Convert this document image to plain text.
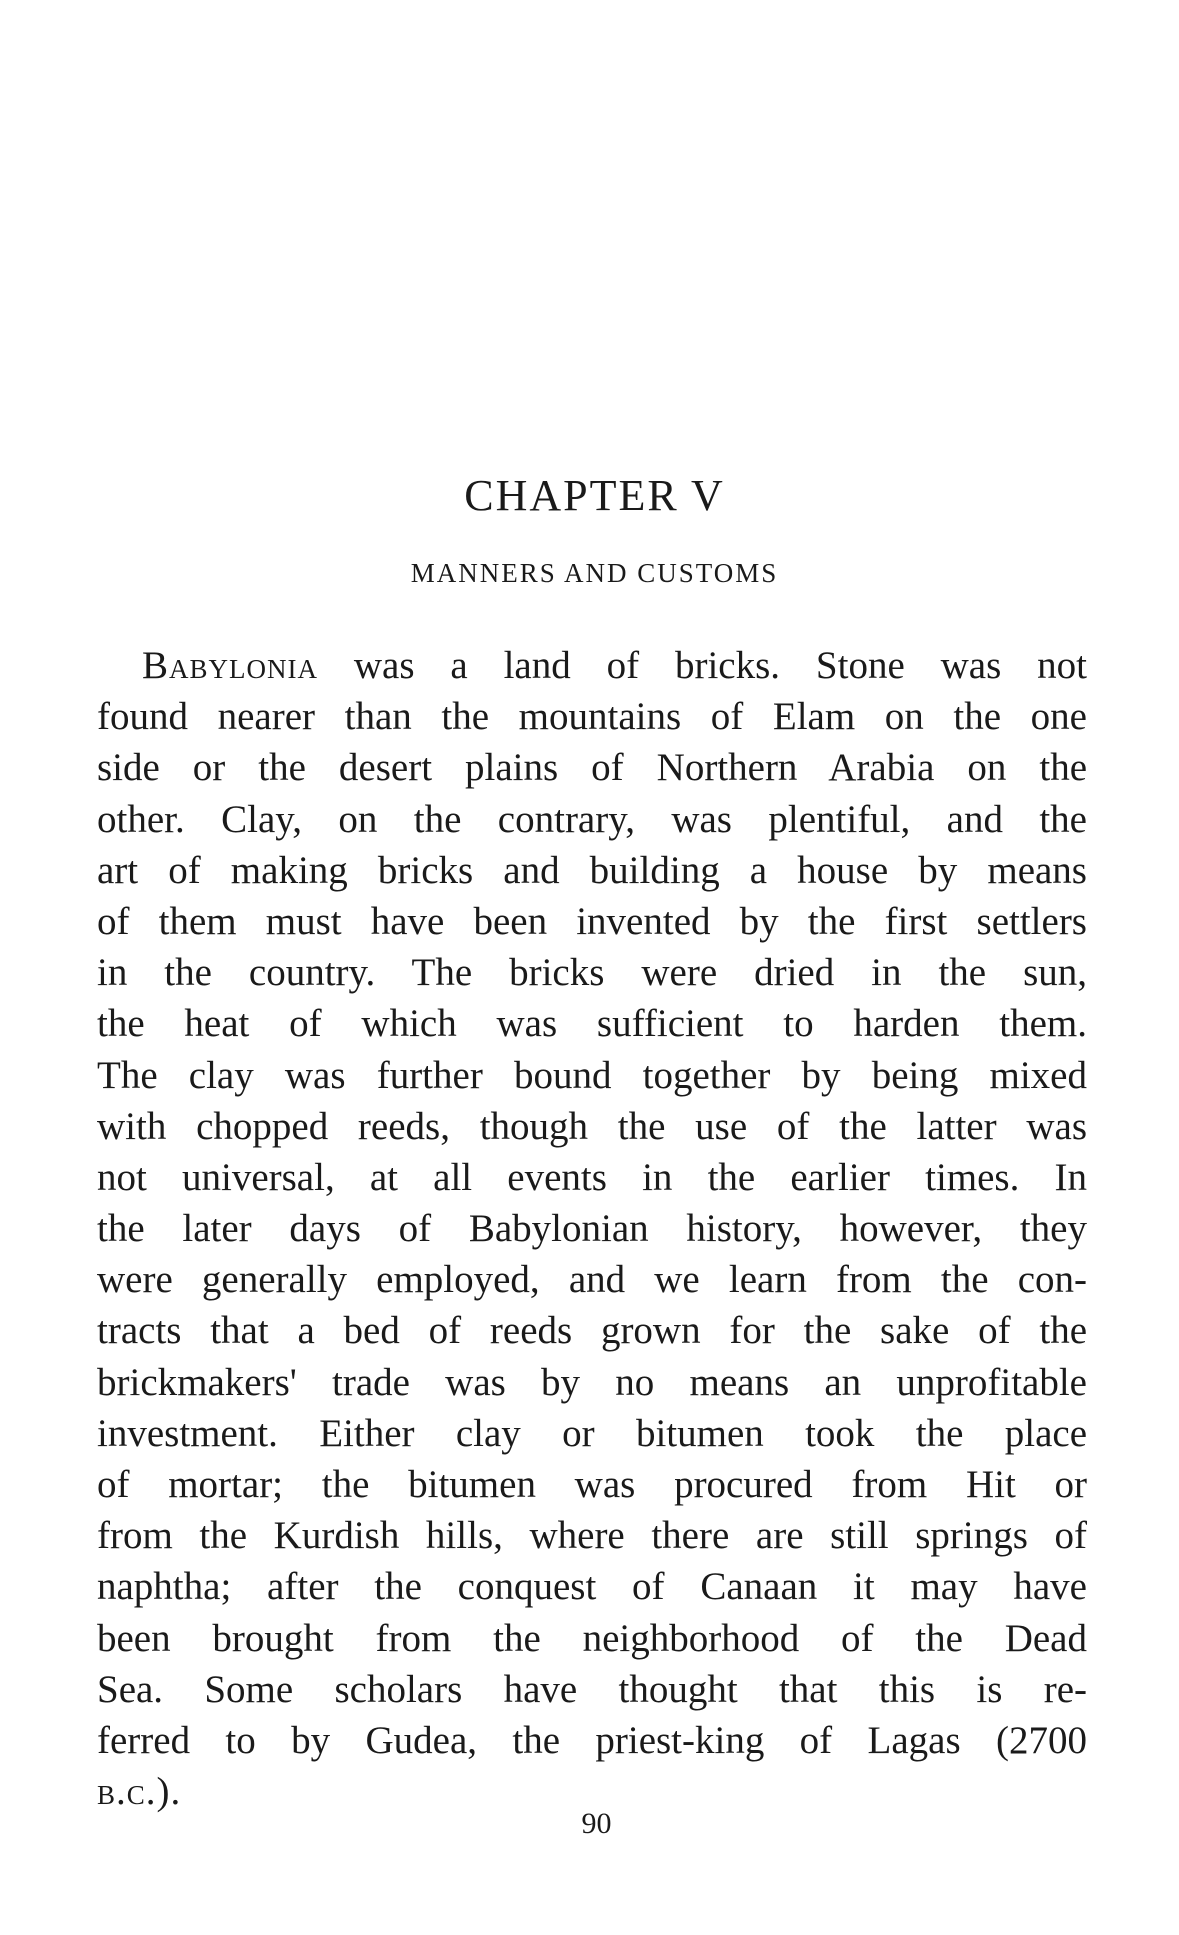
CHAPTER V
MANNERS AND CUSTOMS
Babylonia was a land of bricks. Stone was not
found nearer than the mountains of Elam on the one
side or the desert plains of Northern Arabia on the
other. Clay, on the contrary, was plentiful, and the
art of making bricks and building a house by means
of them must have been invented by the first settlers
in the country. The bricks were dried in the sun,
the heat of which was sufficient to harden them.
The clay was further bound together by being mixed
with chopped reeds, though the use of the latter was
not universal, at all events in the earlier times. In
the later days of Babylonian history, however, they
were generally employed, and we learn from the con-
tracts that a bed of reeds grown for the sake of the
brickmakers' trade was by no means an unprofitable
investment. Either clay or bitumen took the place
of mortar; the bitumen was procured from Hit or
from the Kurdish hills, where there are still springs of
naphtha; after the conquest of Canaan it may have
been brought from the neighborhood of the Dead
Sea. Some scholars have thought that this is re-
ferred to by Gudea, the priest-king of Lagas (2700
b.c.).
90
